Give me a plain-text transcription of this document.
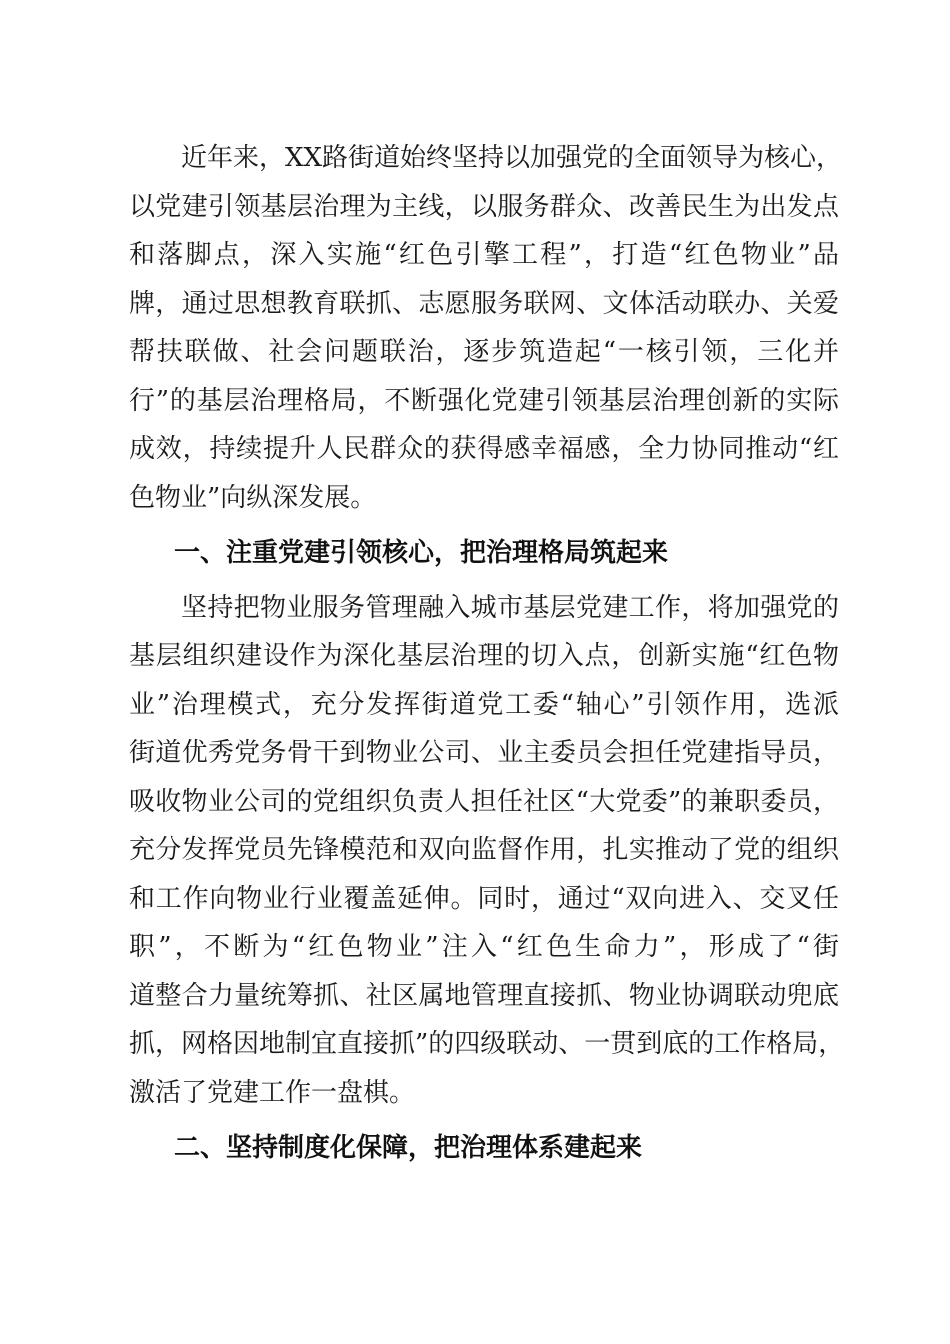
近年来，XX路街道始终坚持以加强党的全面领导为核心，
以党建引领基层治理为主线，以服务群众、改善民生为出发点
和落脚点，深入实施“红色引擎工程”，打造“红色物业”品
牌，通过思想教育联抓、志愿服务联网、文体活动联办、关爱
帮扶联做、社会问题联治，逐步筑造起“一核引领，三化并
行”的基层治理格局，不断强化党建引领基层治理创新的实际
成效，持续提升人民群众的获得感幸福感，全力协同推动“红
色物业”向纵深发展。
一、注重党建引领核心，把治理格局筑起来
坚持把物业服务管理融入城市基层党建工作，将加强党的
基层组织建设作为深化基层治理的切入点，创新实施“红色物
业”治理模式，充分发挥街道党工委“轴心”引领作用，选派
街道优秀党务骨干到物业公司、业主委员会担任党建指导员，
吸收物业公司的党组织负责人担任社区“大党委”的兼职委员，
充分发挥党员先锋模范和双向监督作用，扎实推动了党的组织
和工作向物业行业覆盖延伸。同时，通过“双向进入、交叉任
职”，不断为“红色物业”注入“红色生命力”，形成了“街
道整合力量统筹抓、社区属地管理直接抓、物业协调联动兜底
抓，网格因地制宜直接抓”的四级联动、一贯到底的工作格局，
激活了党建工作一盘棋。
二、坚持制度化保障，把治理体系建起来
